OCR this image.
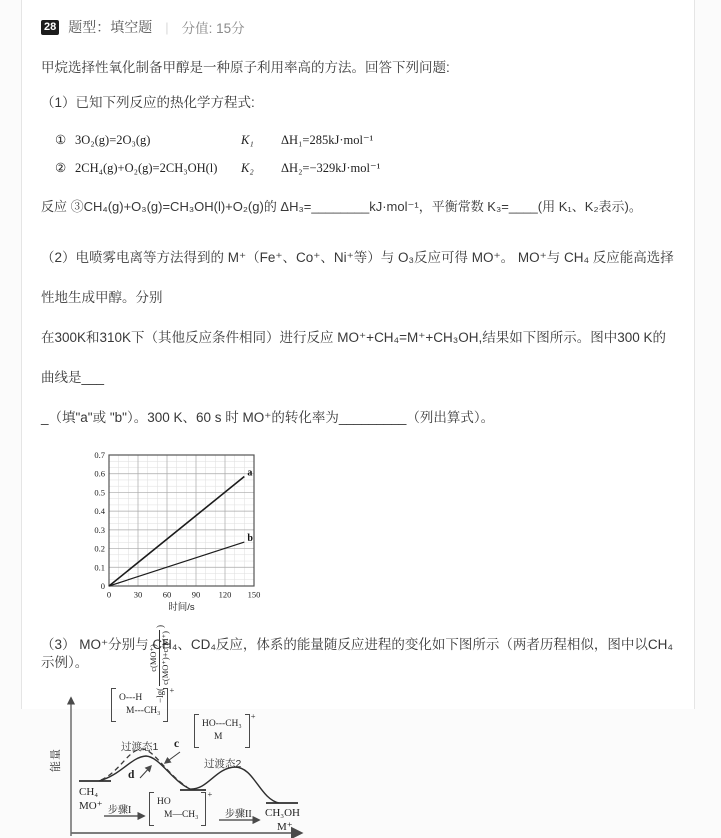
28 题型：填空题	| 分值: 15分

甲烷选择性氧化制备甲醇是一种原子利用率高的方法。回答下列问题:

（1）已知下列反应的热化学方程式:

① 3O₂(g)=2O₃(g)	K₁	ΔH₁=285kJ·mol⁻¹
② 2CH₄(g)+O₂(g)=2CH₃OH(l)	K₂	ΔH₂=−329kJ·mol⁻¹

反应 ③CH₄(g)+O₃(g)=CH₃OH(l)+O₂(g)的 ΔH₃=________kJ·mol⁻¹，平衡常数 K₃=____(用 K₁、K₂表示)。

（2）电喷雾电离等方法得到的 M⁺（Fe⁺、Co⁺、Ni⁺等）与 O₃反应可得 MO⁺。 MO⁺与 CH₄ 反应能高选择性地生成甲醇。分别

在300K和310K下（其他反应条件相同）进行反应 MO⁺+CH₄=M⁺+CH₃OH,结果如下图所示。图中300 K的曲线是___

_（填"a"或 "b"）。300 K、60 s 时 MO⁺的转化率为_________（列出算式）。

−lg(
c(MO⁺) c(MO⁺)+c(M⁺)
)
0	30 60 90 120 150
0
0.1
0.2
0.3
0.4
0.5
0.6
0.7
时间/s
a
b

（3） MO⁺分别与 CH₄、CD₄反应，体系的能量随反应进程的变化如下图所示（两者历程相似，图中以CH₄示例）。

能量
O---H
M---CH₃
+
过渡态1
HO---CH₃
M
+
过渡态2
c
d
CH₄
MO⁺ 步骤I
HO
M—CH₃
+
步骤II CH₃OH
M⁺
